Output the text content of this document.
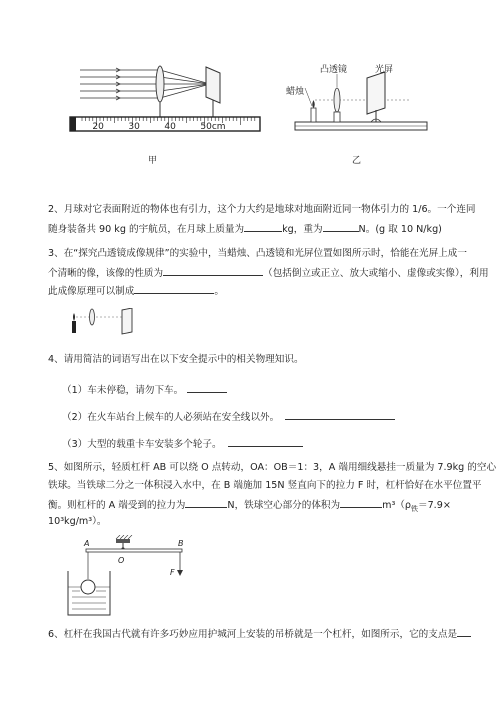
20	30	40	50cm
甲
蜡烛
凸透镜	光屏
乙
2、月球对它表面附近的物体也有引力，这个力大约是地球对地面附近同一物体引力的 1/6。一个连同
随身装备共 90 kg 的宇航员，在月球上质量为	kg，重为	N。(g 取 10 N/kg)
3、在“探究凸透镜成像规律”的实验中，当蜡烛、凸透镜和光屏位置如图所示时，恰能在光屏上成一
个清晰的像，该像的性质为	（包括倒立或正立、放大或缩小、虚像或实像），利用
此成像原理可以制成	。
4、请用简洁的词语写出在以下安全提示中的相关物理知识。
（1）车未停稳，请勿下车。
（2）在火车站台上候车的人必须站在安全线以外。
（3）大型的载重卡车安装多个轮子。
5、如图所示，轻质杠杆 AB 可以绕 O 点转动，OA：OB＝1：3，A 端用细线悬挂一质量为 7.9kg 的空心
铁球。当铁球二分之一体积浸入水中，在 B 端施加 15N 竖直向下的拉力 F 时，杠杆恰好在水平位置平
衡。则杠杆的 A 端受到的拉力为	N，铁球空心部分的体积为	$m^3(\rho_铁=7.9\times$
10³kg/m³）。
A
O
B
F
6、杠杆在我国古代就有许多巧妙应用护城河上安装的吊桥就是一个杠杆，如图所示，它的支点是
